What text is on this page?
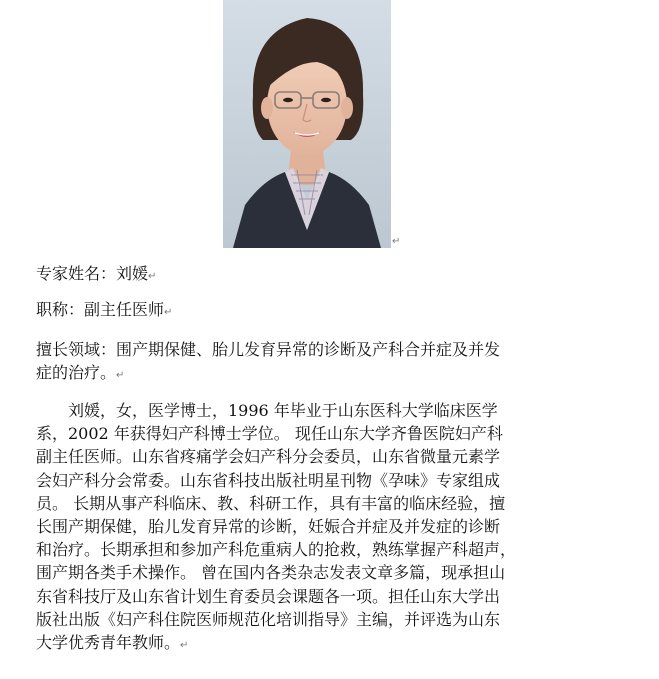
↵
专家姓名：刘媛↵
职称：副主任医师↵
擅长领域：围产期保健、胎儿发育异常的诊断及产科合并症及并发
症的治疗。↵
　　刘媛，女，医学博士，1996 年毕业于山东医科大学临床医学
系，2002 年获得妇产科博士学位。 现任山东大学齐鲁医院妇产科
副主任医师。山东省疼痛学会妇产科分会委员，山东省微量元素学
会妇产科分会常委。山东省科技出版社明星刊物《孕味》专家组成
员。 长期从事产科临床、教、科研工作，具有丰富的临床经验，擅
长围产期保健，胎儿发育异常的诊断，妊娠合并症及并发症的诊断
和治疗。长期承担和参加产科危重病人的抢救，熟练掌握产科超声，
围产期各类手术操作。 曾在国内各类杂志发表文章多篇，现承担山
东省科技厅及山东省计划生育委员会课题各一项。担任山东大学出
版社出版《妇产科住院医师规范化培训指导》主编，并评选为山东
大学优秀青年教师。↵
